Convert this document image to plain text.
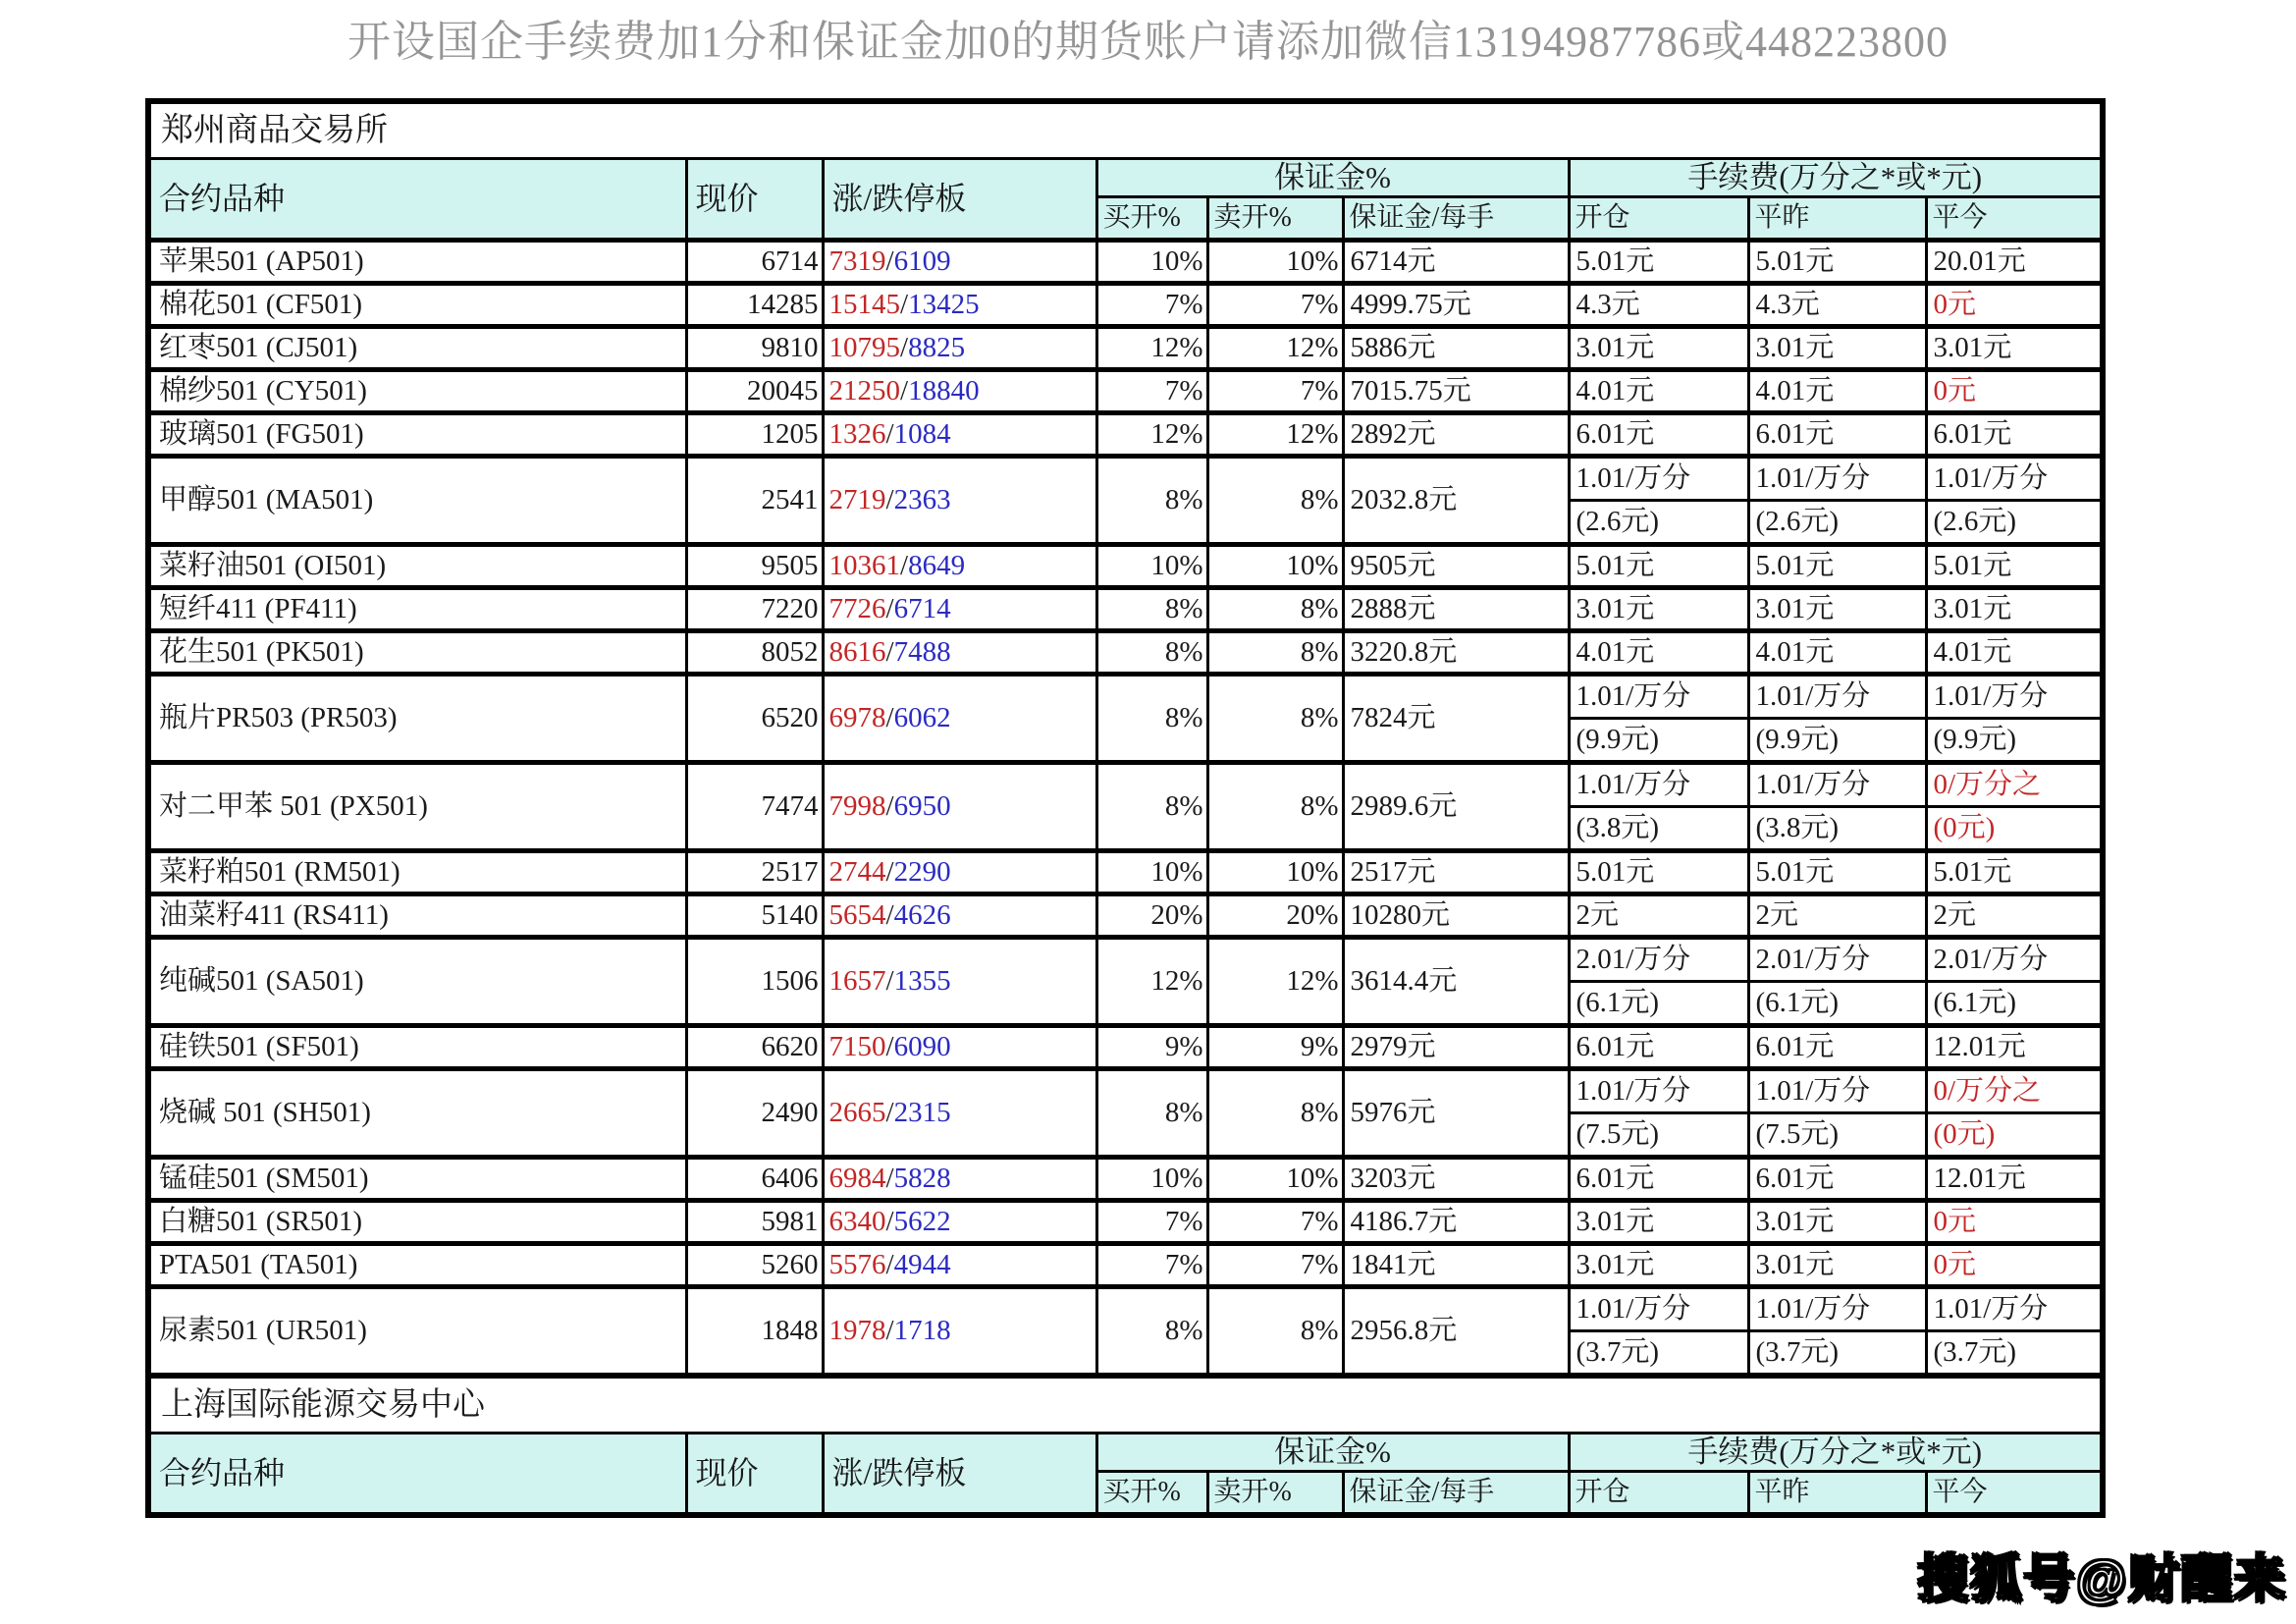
开设国企手续费加1分和保证金加0的期货账户请添加微信13194987786或448223800
郑州商品交易所								
合约品种	现价	涨/跌停板	保证金%			手续费(万分之*或*元)		
			买开%	卖开%	保证金/每手	开仓	平昨	平今
苹果501 (AP501)	6714	7319/6109	10%	10%	6714元	5.01元	5.01元	20.01元
棉花501 (CF501)	14285	15145/13425	7%	7%	4999.75元	4.3元	4.3元	0元
红枣501 (CJ501)	9810	10795/8825	12%	12%	5886元	3.01元	3.01元	3.01元
棉纱501 (CY501)	20045	21250/18840	7%	7%	7015.75元	4.01元	4.01元	0元
玻璃501 (FG501)	1205	1326/1084	12%	12%	2892元	6.01元	6.01元	6.01元
甲醇501 (MA501)	2541	2719/2363	8%	8%	2032.8元	1.01/万分	1.01/万分	1.01/万分
						(2.6元)	(2.6元)	(2.6元)
菜籽油501 (OI501)	9505	10361/8649	10%	10%	9505元	5.01元	5.01元	5.01元
短纤411 (PF411)	7220	7726/6714	8%	8%	2888元	3.01元	3.01元	3.01元
花生501 (PK501)	8052	8616/7488	8%	8%	3220.8元	4.01元	4.01元	4.01元
瓶片PR503 (PR503)	6520	6978/6062	8%	8%	7824元	1.01/万分	1.01/万分	1.01/万分
						(9.9元)	(9.9元)	(9.9元)
对二甲苯 501 (PX501)	7474	7998/6950	8%	8%	2989.6元	1.01/万分	1.01/万分	0/万分之
						(3.8元)	(3.8元)	(0元)
菜籽粕501 (RM501)	2517	2744/2290	10%	10%	2517元	5.01元	5.01元	5.01元
油菜籽411 (RS411)	5140	5654/4626	20%	20%	10280元	2元	2元	2元
纯碱501 (SA501)	1506	1657/1355	12%	12%	3614.4元	2.01/万分	2.01/万分	2.01/万分
						(6.1元)	(6.1元)	(6.1元)
硅铁501 (SF501)	6620	7150/6090	9%	9%	2979元	6.01元	6.01元	12.01元
烧碱 501 (SH501)	2490	2665/2315	8%	8%	5976元	1.01/万分	1.01/万分	0/万分之
						(7.5元)	(7.5元)	(0元)
锰硅501 (SM501)	6406	6984/5828	10%	10%	3203元	6.01元	6.01元	12.01元
白糖501 (SR501)	5981	6340/5622	7%	7%	4186.7元	3.01元	3.01元	0元
PTA501 (TA501)	5260	5576/4944	7%	7%	1841元	3.01元	3.01元	0元
尿素501 (UR501)	1848	1978/1718	8%	8%	2956.8元	1.01/万分	1.01/万分	1.01/万分
						(3.7元)	(3.7元)	(3.7元)
上海国际能源交易中心								
合约品种	现价	涨/跌停板	保证金%			手续费(万分之*或*元)		
			买开%	卖开%	保证金/每手	开仓	平昨	平今
搜狐号@财醒来
